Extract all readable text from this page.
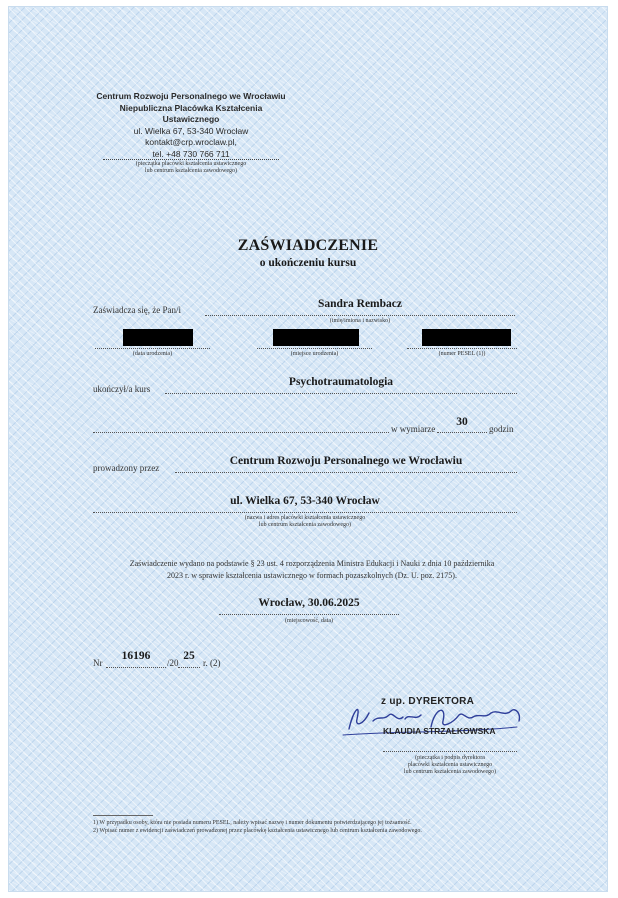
Centrum Rozwoju Personalnego we Wrocławiu
Niepubliczna Placówka Kształcenia Ustawicznego
ul. Wielka 67, 53-340 Wrocław
kontakt@crp.wroclaw.pl,
tel. +48 730 766 711
(pieczątka placówki kształcenia ustawicznego
lub centrum kształcenia zawodowego)
ZAŚWIADCZENIE
o ukończeniu kursu
Zaświadcza się, że Pan/i	Sandra Rembacz
(imię/imiona i nazwisko)
(data urodzenia)	(miejsce urodzenia)	(numer PESEL (1))
ukończył/a kurs
Psychotraumatologia
w wymiarze
30
godzin
prowadzony przez
Centrum Rozwoju Personalnego we Wrocławiu
ul. Wielka 67, 53-340 Wrocław
(nazwa i adres placówki kształcenia ustawicznego
lub centrum kształcenia zawodowego)
Zaświadczenie wydano na podstawie § 23 ust. 4 rozporządzenia Ministra Edukacji i Nauki z dnia 10 października
2023 r. w sprawie kształcenia ustawicznego w formach pozaszkolnych (Dz. U. poz. 2175).
Wrocław, 30.06.2025
(miejscowość, data)
Nr
16196
/20
25
r. (2)
z up. DYREKTORA
KLAUDIA STRZAŁKOWSKA
(pieczątka i podpis dyrektora
placówki kształcenia ustawicznego
lub centrum kształcenia zawodowego)
1) W przypadku osoby, która nie posiada numeru PESEL, należy wpisać nazwę i numer dokumentu potwierdzającego jej tożsamość.
2) Wpisać numer z ewidencji zaświadczeń prowadzonej przez placówkę kształcenia ustawicznego lub centrum kształcenia zawodowego.
